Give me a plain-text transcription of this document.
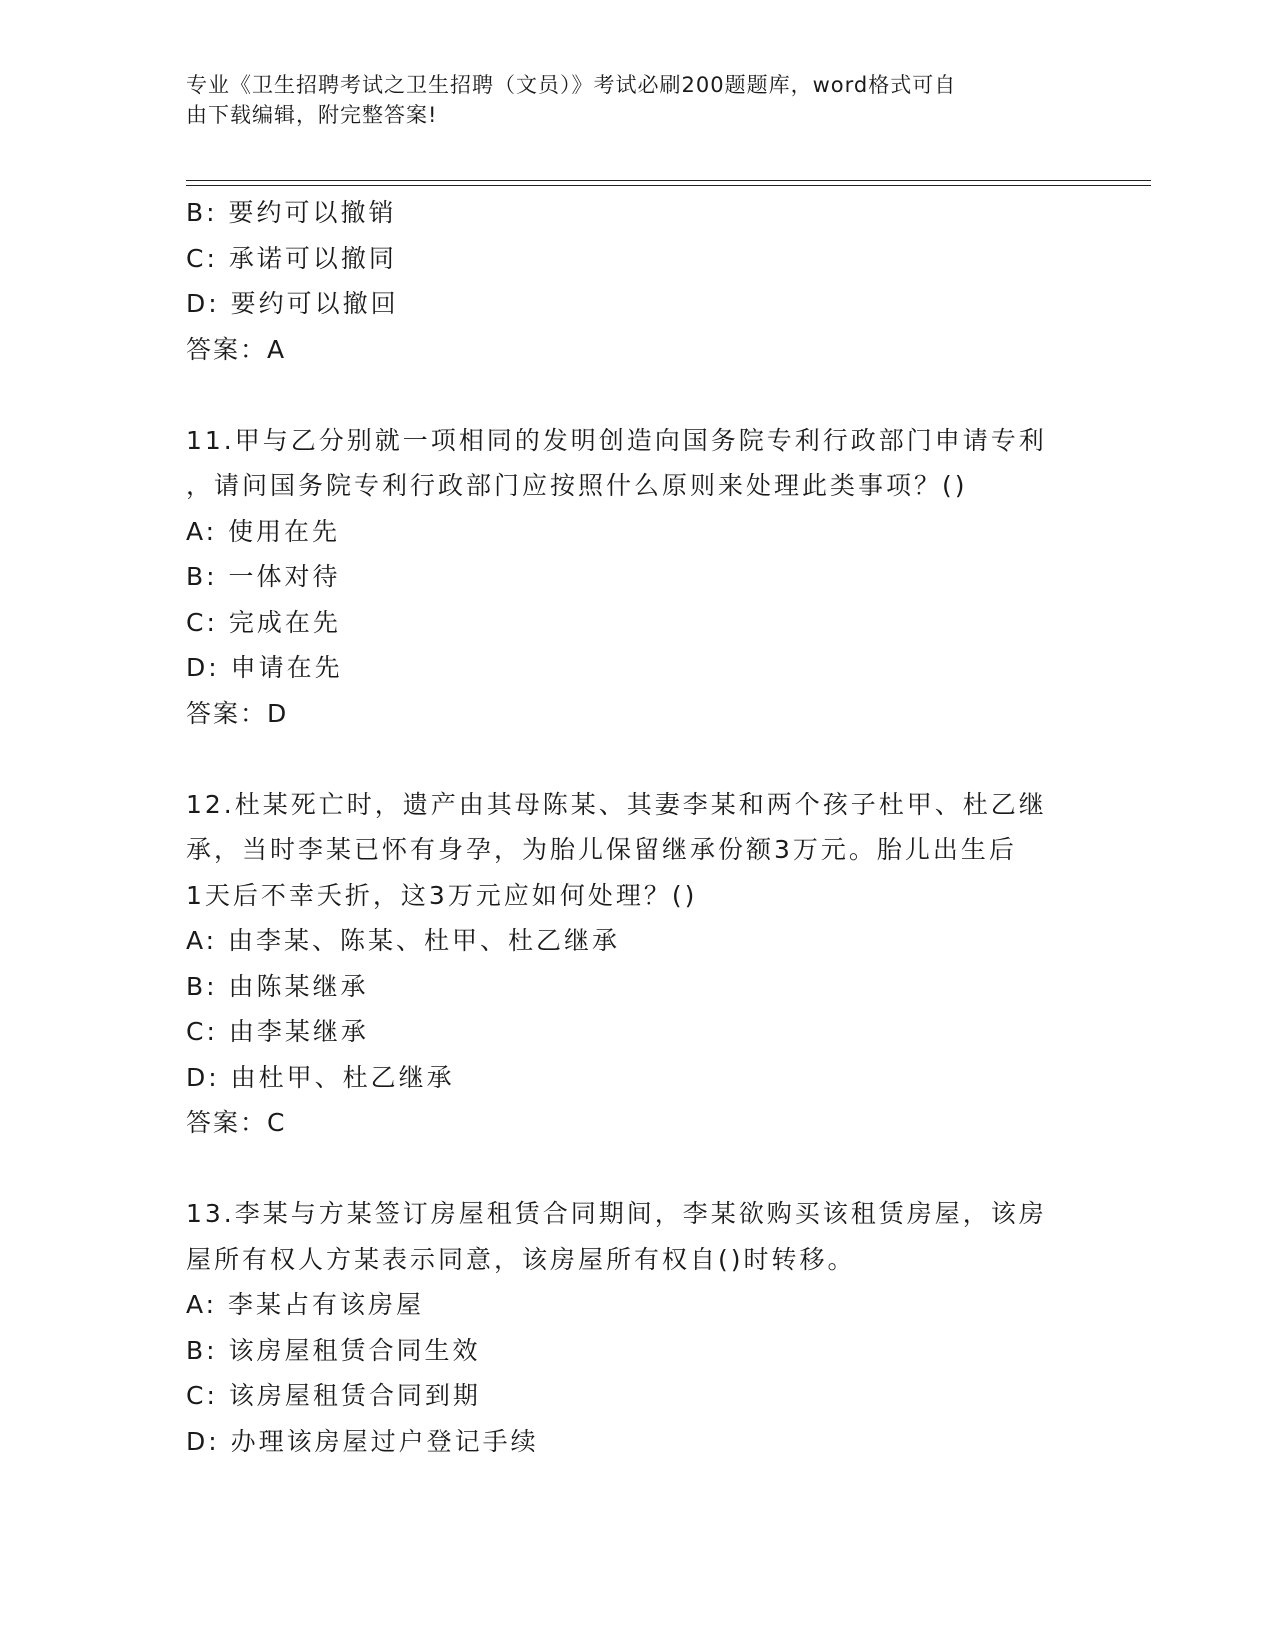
专业《卫生招聘考试之卫生招聘（文员）》考试必刷200题题库，word格式可自
由下载编辑，附完整答案!
B: 要约可以撤销
C: 承诺可以撤同
D: 要约可以撤回
答案：A
11.甲与乙分别就一项相同的发明创造向国务院专利行政部门申请专利
，请问国务院专利行政部门应按照什么原则来处理此类事项？()
A: 使用在先
B: 一体对待
C: 完成在先
D: 申请在先
答案：D
12.杜某死亡时，遗产由其母陈某、其妻李某和两个孩子杜甲、杜乙继
承，当时李某已怀有身孕，为胎儿保留继承份额3万元。胎儿出生后
1天后不幸夭折，这3万元应如何处理？()
A: 由李某、陈某、杜甲、杜乙继承
B: 由陈某继承
C: 由李某继承
D: 由杜甲、杜乙继承
答案：C
13.李某与方某签订房屋租赁合同期间，李某欲购买该租赁房屋，该房
屋所有权人方某表示同意，该房屋所有权自()时转移。
A: 李某占有该房屋
B: 该房屋租赁合同生效
C: 该房屋租赁合同到期
D: 办理该房屋过户登记手续
